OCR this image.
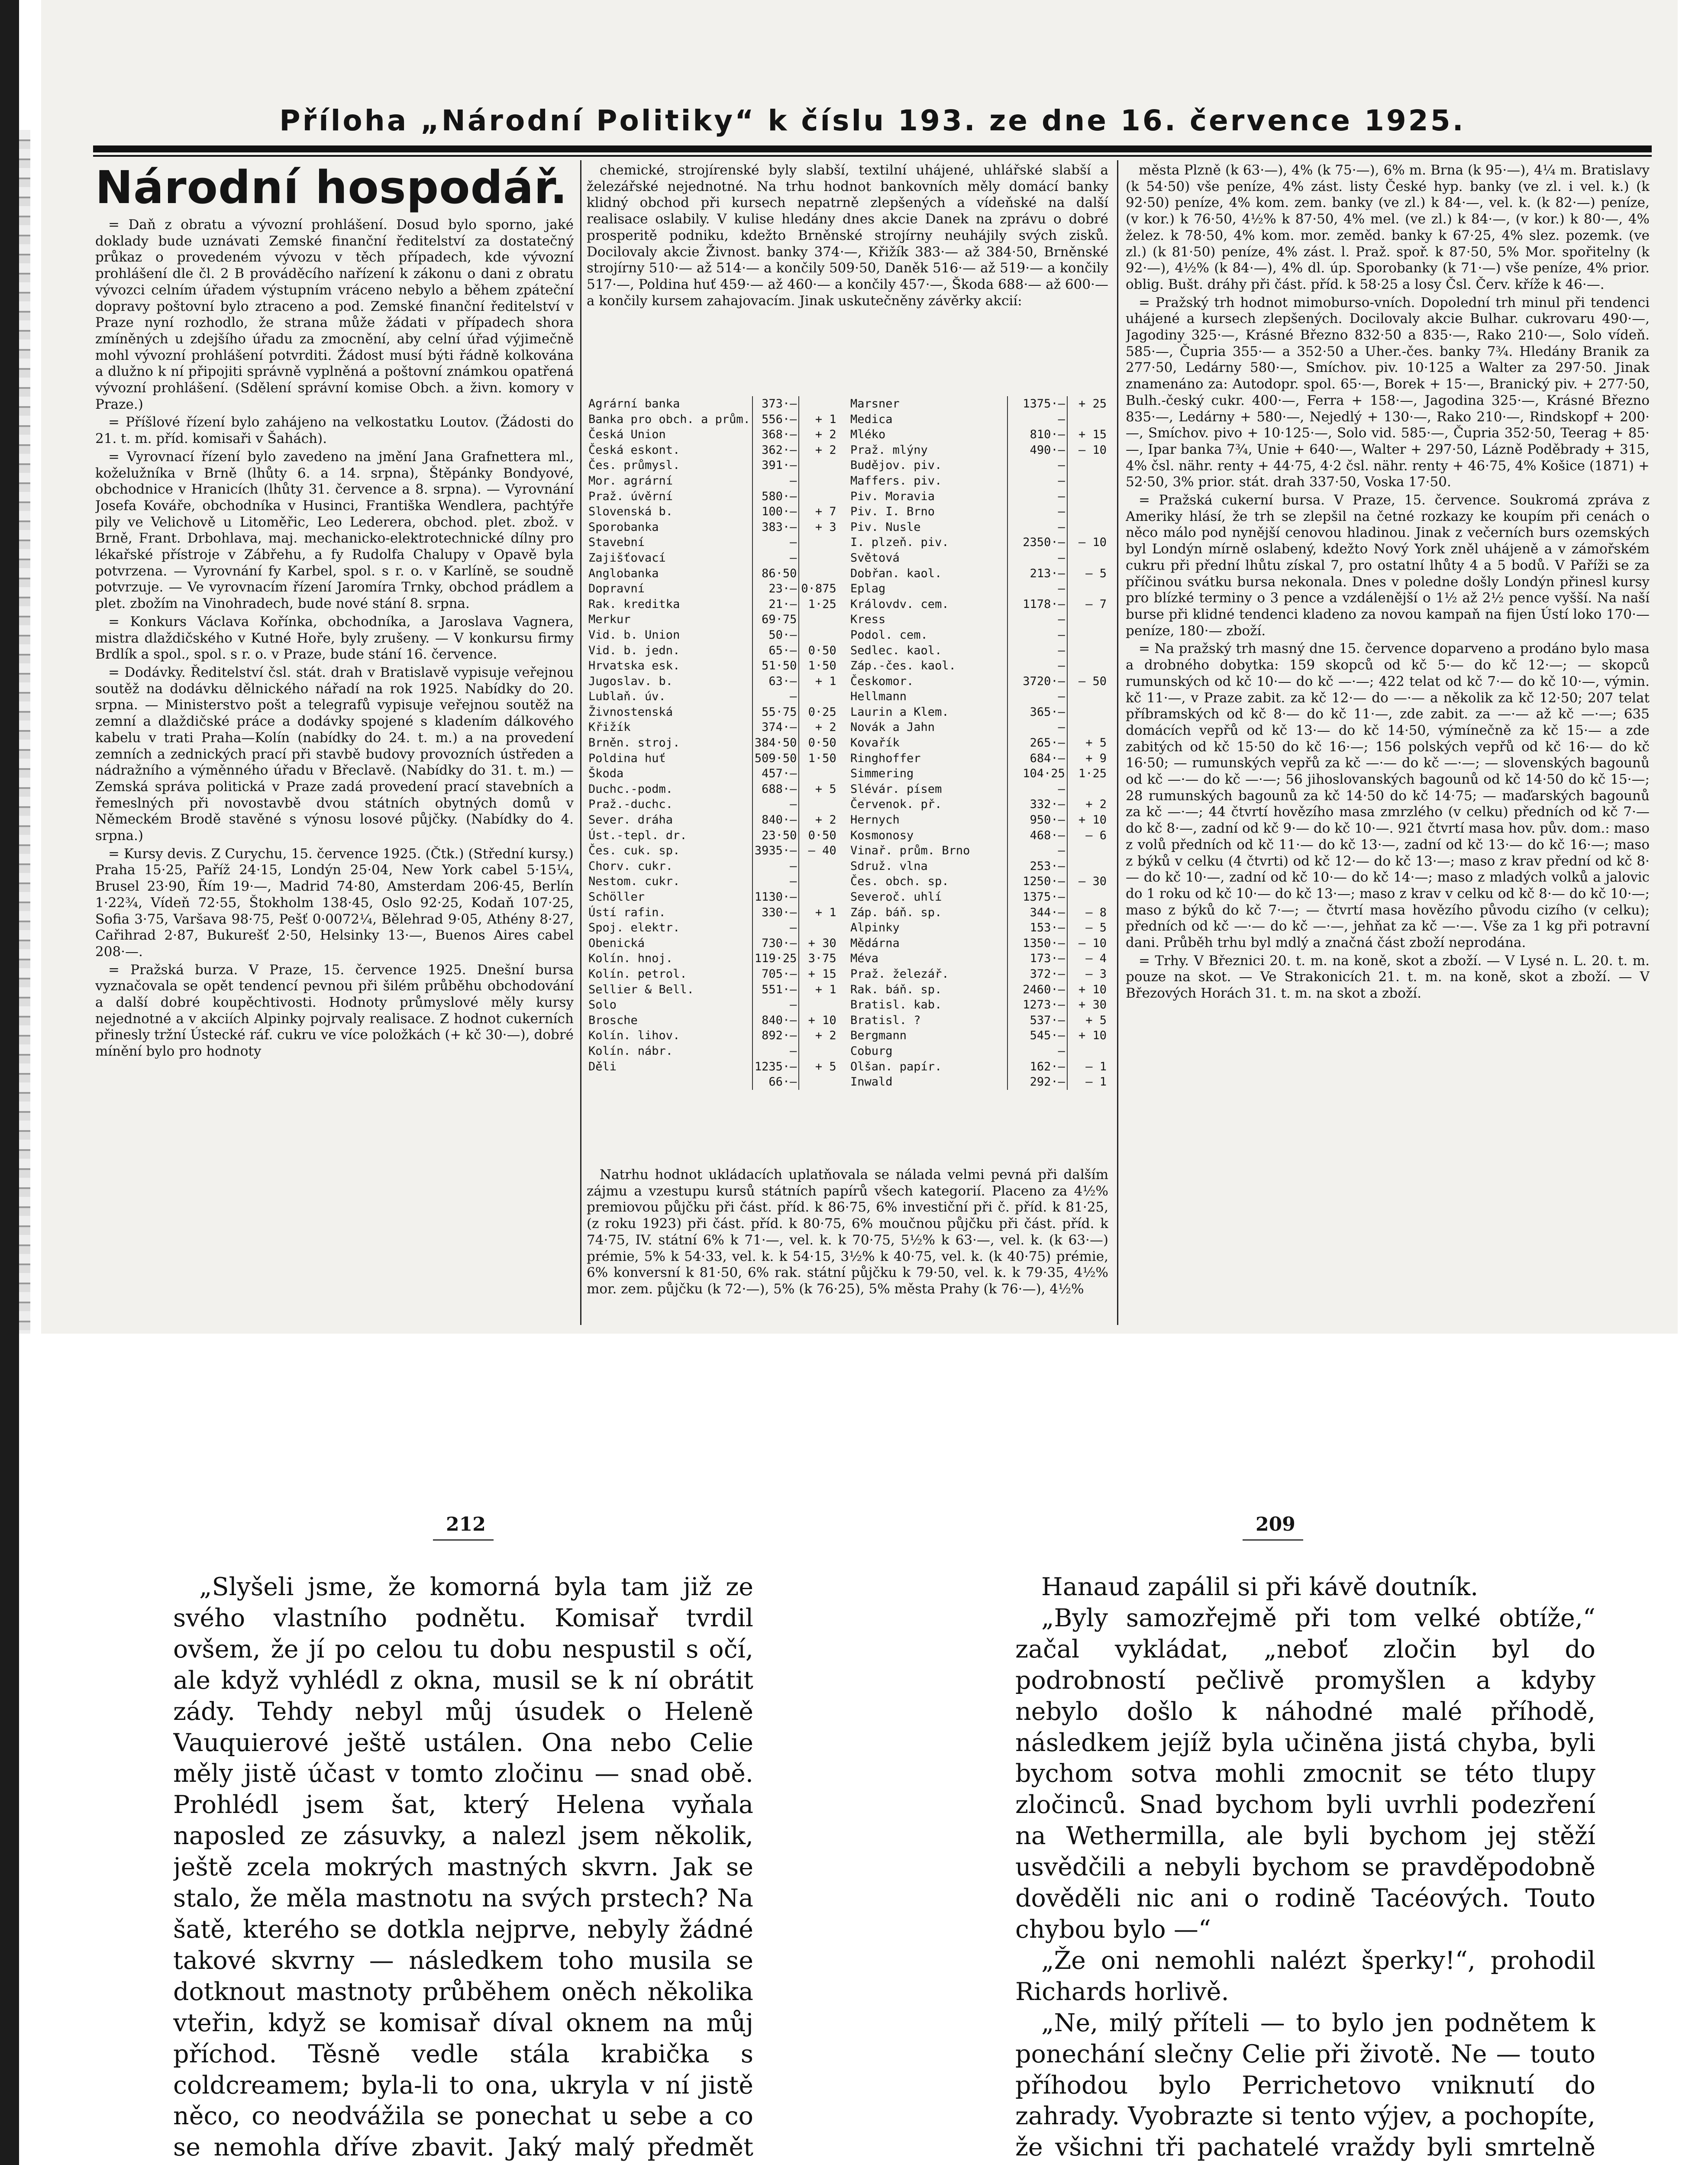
Příloha „Národní Politiky“ k číslu 193. ze dne 16. července 1925.
Národní hospodář.

= Daň z obratu a vývozní prohlášení. Dosud bylo sporno, jaké doklady bude uznávati Zemské finanční ředitelství za dostatečný průkaz o provedeném vývozu v těch případech, kde vývozní prohlášení dle čl. 2 B prováděcího nařízení k zákonu o dani z obratu vývozci celním úřadem výstupním vráceno nebylo a během zpáteční dopravy poštovní bylo ztraceno a pod. Zemské finanční ředitelství v Praze nyní rozhodlo, že strana může žádati v případech shora zmíněných u zdejšího úřadu za zmocnění, aby celní úřad výjimečně mohl vývozní prohlášení potvrditi. Žádost musí býti řádně kolkována a dlužno k ní připojiti správně vyplněná a poštovní známkou opatřená vývozní prohlášení. (Sdělení správní komise Obch. a živn. komory v Praze.)

= Příšlové řízení bylo zahájeno na velkostatku Loutov. (Žádosti do 21. t. m. příd. komisaři v Šahách).

= Vyrovnací řízení bylo zavedeno na jmění Jana Grafnettera ml., koželužníka v Brně (lhůty 6. a 14. srpna), Štěpánky Bondyové, obchodnice v Hranicích (lhůty 31. července a 8. srpna). — Vyrovnání Josefa Kováře, obchodníka v Husinci, Františka Wendlera, pachtýře pily ve Velichově u Litoměřic, Leo Lederera, obchod. plet. zbož. v Brně, Frant. Drbohlava, maj. mechanicko-elektrotechnické dílny pro lékařské přístroje v Zábřehu, a fy Rudolfa Chalupy v Opavě byla potvrzena. — Vyrovnání fy Karbel, spol. s r. o. v Karlíně, se soudně potvrzuje. — Ve vyrovnacím řízení Jaromíra Trnky, obchod prádlem a plet. zbožím na Vinohradech, bude nové stání 8. srpna.

= Konkurs Václava Kořínka, obchodníka, a Jaroslava Vagnera, mistra dlaždičského v Kutné Hoře, byly zrušeny. — V konkursu firmy Brdlík a spol., spol. s r. o. v Praze, bude stání 16. července.

= Dodávky. Ředitelství čsl. stát. drah v Bratislavě vypisuje veřejnou soutěž na dodávku dělnického nářadí na rok 1925. Nabídky do 20. srpna. — Ministerstvo pošt a telegrafů vypisuje veřejnou soutěž na zemní a dlaždičské práce a dodávky spojené s kladením dálkového kabelu v trati Praha—Kolín (nabídky do 24. t. m.) a na provedení zemních a zednických prací při stavbě budovy provozních ústředen a nádražního a výměnného úřadu v Břeclavě. (Nabídky do 31. t. m.) — Zemská správa politická v Praze zadá provedení prací stavebních a řemeslných při novostavbě dvou státních obytných domů v Německém Brodě stavěné s výnosu losové půjčky. (Nabídky do 4. srpna.)

= Kursy devis. Z Curychu, 15. července 1925. (Čtk.) (Střední kursy.) Praha 15·25, Paříž 24·15, Londýn 25·04, New York cabel 5·15¼, Brusel 23·90, Řím 19·—, Madrid 74·80, Amsterdam 206·45, Berlín 1·22¾, Vídeň 72·55, Štokholm 138·45, Oslo 92·25, Kodaň 107·25, Sofia 3·75, Varšava 98·75, Pešť 0·0072¼, Bělehrad 9·05, Athény 8·27, Cařihrad 2·87, Bukurešť 2·50, Helsinky 13·—, Buenos Aires cabel 208·—.

= Pražská burza. V Praze, 15. července 1925. Dnešní bursa vyznačovala se opět tendencí pevnou při šilém průběhu obchodování a další dobré koupěchtivosti. Hodnoty průmyslové měly kursy nejednotné a v akciích Alpinky pojrvaly realisace. Z hodnot cukerních přinesly tržní Ústecké ráf. cukru ve více položkách (+ kč 30·—), dobré mínění bylo pro hodnoty

chemické, strojírenské byly slabší, textilní uhájené, uhlářské slabší a železářské nejednotné. Na trhu hodnot bankovních měly domácí banky klidný obchod při kursech nepatrně zlepšených a vídeňské na další realisace oslabily. V kulise hledány dnes akcie Danek na zprávu o dobré prosperitě podniku, kdežto Brněnské strojírny neuhájily svých zisků. Docilovaly akcie Živnost. banky 374·—, Křižík 383·— až 384·50, Brněnské strojírny 510·— až 514·— a končily 509·50, Daněk 516·— až 519·— a končily 517·—, Poldina huť 459·— až 460·— a končily 457·—, Škoda 688·— až 600·— a končily kursem zahajovacím. Jinak uskutečněny závěrky akcií:

Agrární banka	373·—	
Banka pro obch. a prům.	556·—	+ 1
Česká Union	368·—	+ 2
Česká eskont.	362·—	+ 2
Čes. průmysl.	391·—	
Mor. agrární	—	
Praž. úvěrní	580·—	
Slovenská b.	100·—	+ 7
Sporobanka	383·—	+ 3
Stavební	—	
Zajišťovací	—	
Anglobanka	86·50	
Dopravní	23·—	0·875
Rak. kreditka	21·—	1·25
Merkur	69·75	
Vid. b. Union	50·—	
Vid. b. jedn.	65·—	0·50
Hrvatska esk.	51·50	1·50
Jugoslav. b.	63·—	+ 1
Lublaň. úv.	—	
Živnostenská	55·75	0·25
Křižík	374·—	+ 2
Brněn. stroj.	384·50	0·50
Poldina huť	509·50	1·50
Škoda	457·—	
Duchc.-podm.	688·—	+ 5
Praž.-duchc.	—	
Sever. dráha	840·—	+ 2
Úst.-tepl. dr.	23·50	0·50
Čes. cuk. sp.	3935·—	— 40
Chorv. cukr.	—	
Nestom. cukr.	—	
Schöller	1130·—	
Ústí rafin.	330·—	+ 1
Spoj. elektr.	—	
Obenická	730·—	+ 30
Kolín. hnoj.	119·25	3·75
Kolín. petrol.	705·—	+ 15
Sellier & Bell.	551·—	+ 1
Solo	—	
Brosche	840·—	+ 10
Kolín. lihov.	892·—	+ 2
Kolín. nábr.	—	
Děli	1235·—	+ 5
	66·—	
Marsner	1375·—	+ 25
Medica	—	
Mléko	810·—	+ 15
Praž. mlýny	490·—	— 10
Budějov. piv.	—	
Maffers. piv.	—	
Piv. Moravia	—	
Piv. I. Brno	—	
Piv. Nusle	—	
I. plzeň. piv.	2350·—	— 10
Světová	—	
Dobřan. kaol.	213·—	— 5
Eplag	—	
Královdv. cem.	1178·—	— 7
Kress	—	
Podol. cem.	—	
Sedlec. kaol.	—	
Záp.-čes. kaol.	—	
Českomor.	3720·—	— 50
Hellmann	—	
Laurin a Klem.	365·—	
Novák a Jahn	—	
Kovařík	265·—	+ 5
Ringhoffer	684·—	+ 9
Simmering	104·25	1·25
Slévár. písem	—	
Červenok. př.	332·—	+ 2
Hernych	950·—	+ 10
Kosmonosy	468·—	— 6
Vinař. prům. Brno	—	
Sdruž. vlna	253·—	
Čes. obch. sp.	1250·—	— 30
Severoč. uhlí	1375·—	
Záp. báň. sp.	344·—	— 8
Alpinky	153·—	— 5
Mědárna	1350·—	— 10
Méva	173·—	— 4
Praž. železář.	372·—	— 3
Rak. báň. sp.	2460·—	+ 10
Bratisl. kab.	1273·—	+ 30
Bratisl. ?	537·—	+ 5
Bergmann	545·—	+ 10
Coburg	—	
Olšan. papír.	162·—	— 1
Inwald	292·—	— 1

Natrhu hodnot ukládacích uplatňovala se nálada velmi pevná při dalším zájmu a vzestupu kursů státních papírů všech kategorií. Placeno za 4½% premiovou půjčku při část. příd. k 86·75, 6% investiční při č. příd. k 81·25, (z roku 1923) při část. příd. k 80·75, 6% moučnou půjčku při část. příd. k 74·75, IV. státní 6% k 71·—, vel. k. k 70·75, 5½% k 63·—, vel. k. (k 63·—) prémie, 5% k 54·33, vel. k. k 54·15, 3½% k 40·75, vel. k. (k 40·75) prémie, 6% konversní k 81·50, 6% rak. státní půjčku k 79·50, vel. k. k 79·35, 4½% mor. zem. půjčku (k 72·—), 5% (k 76·25), 5% města Prahy (k 76·—), 4½%

města Plzně (k 63·—), 4% (k 75·—), 6% m. Brna (k 95·—), 4¼ m. Bratislavy (k 54·50) vše peníze, 4% zást. listy České hyp. banky (ve zl. i vel. k.) (k 92·50) peníze, 4% kom. zem. banky (ve zl.) k 84·—, vel. k. (k 82·—) peníze, (v kor.) k 76·50, 4½% k 87·50, 4% mel. (ve zl.) k 84·—, (v kor.) k 80·—, 4% želez. k 78·50, 4% kom. mor. zeměd. banky k 67·25, 4% slez. pozemk. (ve zl.) (k 81·50) peníze, 4% zást. l. Praž. spoř. k 87·50, 5% Mor. spořitelny (k 92·—), 4½% (k 84·—), 4% dl. úp. Sporobanky (k 71·—) vše peníze, 4% prior. oblig. Bušt. dráhy při část. příd. k 58·25 a losy Čsl. Červ. kříže k 46·—.

= Pražský trh hodnot mimoburso-vních. Dopolední trh minul při tendenci uhájené a kursech zlepšených. Docilovaly akcie Bulhar. cukrovaru 490·—, Jagodiny 325·—, Krásné Březno 832·50 a 835·—, Rako 210·—, Solo vídeň. 585·—, Čupria 355·— a 352·50 a Uher.-čes. banky 7¾. Hledány Branik za 277·50, Ledárny 580·—, Smíchov. piv. 10·125 a Walter za 297·50. Jinak znamenáno za: Autodopr. spol. 65·—, Borek + 15·—, Branický piv. + 277·50, Bulh.-český cukr. 400·—, Ferra + 158·—, Jagodina 325·—, Krásné Březno 835·—, Ledárny + 580·—, Nejedlý + 130·—, Rako 210·—, Rindskopf + 200·—, Smíchov. pivo + 10·125·—, Solo vid. 585·—, Čupria 352·50, Teerag + 85·—, Ipar banka 7¾, Unie + 640·—, Walter + 297·50, Lázně Poděbrady + 315, 4% čsl. nähr. renty + 44·75, 4·2 čsl. nähr. renty + 46·75, 4% Košice (1871) + 52·50, 3% prior. stát. drah 337·50, Voska 17·50.

= Pražská cukerní bursa. V Praze, 15. července. Soukromá zpráva z Ameriky hlásí, že trh se zlepšil na četné rozkazy ke koupím při cenách o něco málo pod nynější cenovou hladinou. Jinak z večerních burs ozemských byl Londýn mírně oslabený, kdežto Nový York zněl uhájeně a v zámořském cukru při přední lhůtu získal 7, pro ostatní lhůty 4 a 5 bodů. V Paříži se za příčinou svátku bursa nekonala. Dnes v poledne došly Londýn přinesl kursy pro blízké terminy o 3 pence a vzdálenější o 1½ až 2½ pence vyšší. Na naší burse při klidné tendenci kladeno za novou kampaň na fijen Ústí loko 170·— peníze, 180·— zboží.

= Na pražský trh masný dne 15. července doparveno a prodáno bylo masa a drobného dobytka: 159 skopců od kč 5·— do kč 12·—; — skopců rumunských od kč 10·— do kč —·—; 422 telat od kč 7·— do kč 10·—, výmin. kč 11·—, v Praze zabit. za kč 12·— do —·— a několik za kč 12·50; 207 telat příbramských od kč 8·— do kč 11·—, zde zabit. za —·— až kč —·—; 635 domácích vepřů od kč 13·— do kč 14·50, výmínečně za kč 15·— a zde zabitých od kč 15·50 do kč 16·—; 156 polských vepřů od kč 16·— do kč 16·50; — rumunských vepřů za kč —·— do kč —·—; — slovenských bagounů od kč —·— do kč —·—; 56 jihoslovanských bagounů od kč 14·50 do kč 15·—; 28 rumunských bagounů za kč 14·50 do kč 14·75; — maďarských bagounů za kč —·—; 44 čtvrtí hovězího masa zmrzlého (v celku) předních od kč 7·— do kč 8·—, zadní od kč 9·— do kč 10·—. 921 čtvrtí masa hov. pův. dom.: maso z volů předních od kč 11·— do kč 13·—, zadní od kč 13·— do kč 16·—; maso z býků v celku (4 čtvrti) od kč 12·— do kč 13·—; maso z krav přední od kč 8·— do kč 10·—, zadní od kč 10·— do kč 14·—; maso z mladých volků a jalovic do 1 roku od kč 10·— do kč 13·—; maso z krav v celku od kč 8·— do kč 10·—; maso z býků do kč 7·—; — čtvrtí masa hovězího původu cizího (v celku); předních od kč —·— do kč —·—, jehňat za kč —·—. Vše za 1 kg při potravní dani. Průběh trhu byl mdlý a značná část zboží neprodána.

= Trhy. V Březnici 20. t. m. na koně, skot a zboží. — V Lysé n. L. 20. t. m. pouze na skot. — Ve Strakonicích 21. t. m. na koně, skot a zboží. — V Březových Horách 31. t. m. na skot a zboží.

212	209

„Slyšeli jsme, že komorná byla tam již ze svého vlastního podnětu. Komisař tvrdil ovšem, že jí po celou tu dobu nespustil s očí, ale když vyhlédl z okna, musil se k ní obrátit zády. Tehdy nebyl můj úsudek o Heleně Vauquierové ještě ustálen. Ona nebo Celie měly jistě účast v tomto zločinu — snad obě. Prohlédl jsem šat, který Helena vyňala naposled ze zásuvky, a nalezl jsem několik, ještě zcela mokrých mastných skvrn. Jak se stalo, že měla mastnotu na svých prstech? Na šatě, kterého se dotkla nejprve, nebyly žádné takové skvrny — následkem toho musila se dotknout mastnoty průběhem oněch několika vteřin, když se komisař díval oknem na můj příchod. Těsně vedle stála krabička s coldcreamem; byla-li to ona, ukryla v ní jistě něco, co neodvážila se ponechat u sebe a co se nemohla dříve zbavit. Jaký malý předmět

Hanaud zapálil si při kávě doutník.

„Byly samozřejmě při tom velké obtíže,“ začal vykládat, „neboť zločin byl do podrobností pečlivě promyšlen a kdyby nebylo došlo k náhodné malé příhodě, následkem jejíž byla učiněna jistá chyba, byli bychom sotva mohli zmocnit se této tlupy zločinců. Snad bychom byli uvrhli podezření na Wethermilla, ale byli bychom jej stěží usvědčili a nebyli bychom se pravděpodobně dověděli nic ani o rodině Tacéových. Touto chybou bylo —“

„Že oni nemohli nalézt šperky!“, prohodil Richards horlivě.

„Ne, milý příteli — to bylo jen podnětem k ponechání slečny Celie při životě. Ne — touto příhodou bylo Perrichetovo vniknutí do zahrady. Vyobrazte si tento výjev, a pochopíte, že všichni tři pachatelé vraždy byli smrtelně
